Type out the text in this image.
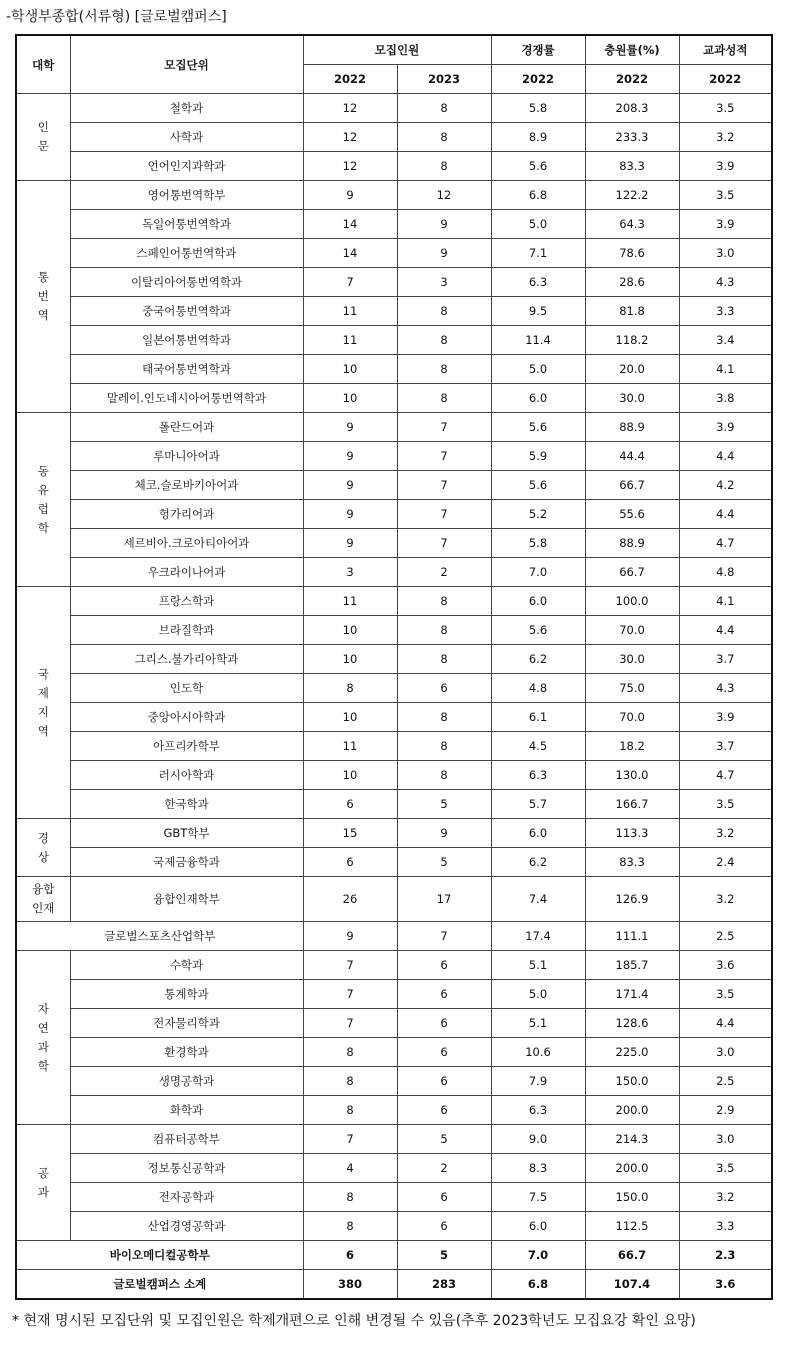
-학생부종합(서류형) [글로벌캠퍼스]
대학	모집단위	모집인원		경쟁률	충원률(%)	교과성적
		2022	2023	2022	2022	2022

인
문	철학과	12	8	5.8	208.3	3.5
	사학과	12	8	8.9	233.3	3.2
	언어인지과학과	12	8	5.6	83.3	3.9

통
번
역	영어통번역학부	9	12	6.8	122.2	3.5
	독일어통번역학과	14	9	5.0	64.3	3.9
	스페인어통번역학과	14	9	7.1	78.6	3.0
	이탈리아어통번역학과	7	3	6.3	28.6	4.3
	중국어통번역학과	11	8	9.5	81.8	3.3
	일본어통번역학과	11	8	11.4	118.2	3.4
	태국어통번역학과	10	8	5.0	20.0	4.1
	말레이.인도네시아어통번역학과	10	8	6.0	30.0	3.8

동
유
럽
학	폴란드어과	9	7	5.6	88.9	3.9
	루마니아어과	9	7	5.9	44.4	4.4
	체코.슬로바키아어과	9	7	5.6	66.7	4.2
	헝가리어과	9	7	5.2	55.6	4.4
	세르비아.크로아티아어과	9	7	5.8	88.9	4.7
	우크라이나어과	3	2	7.0	66.7	4.8

국
제
지
역	프랑스학과	11	8	6.0	100.0	4.1
	브라질학과	10	8	5.6	70.0	4.4
	그리스.불가리아학과	10	8	6.2	30.0	3.7
	인도학	8	6	4.8	75.0	4.3
	중앙아시아학과	10	8	6.1	70.0	3.9
	아프리카학부	11	8	4.5	18.2	3.7
	러시아학과	10	8	6.3	130.0	4.7
	한국학과	6	5	5.7	166.7	3.5

경
상	GBT학부	15	9	6.0	113.3	3.2
	국제금융학과	6	5	6.2	83.3	2.4

융합
인재	융합인재학부	26	17	7.4	126.9	3.2
글로벌스포츠산업학부		9	7	17.4	111.1	2.5

자
연
과
학	수학과	7	6	5.1	185.7	3.6
	통계학과	7	6	5.0	171.4	3.5
	전자물리학과	7	6	5.1	128.6	4.4
	환경학과	8	6	10.6	225.0	3.0
	생명공학과	8	6	7.9	150.0	2.5
	화학과	8	6	6.3	200.0	2.9

공
과	컴퓨터공학부	7	5	9.0	214.3	3.0
	정보통신공학과	4	2	8.3	200.0	3.5
	전자공학과	8	6	7.5	150.0	3.2
	산업경영공학과	8	6	6.0	112.5	3.3
바이오메디컬공학부		6	5	7.0	66.7	2.3
글로벌캠퍼스 소계		380	283	6.8	107.4	3.6
* 현재 명시된 모집단위 및 모집인원은 학제개편으로 인해 변경될 수 있음(추후 2023학년도 모집요강 확인 요망)
